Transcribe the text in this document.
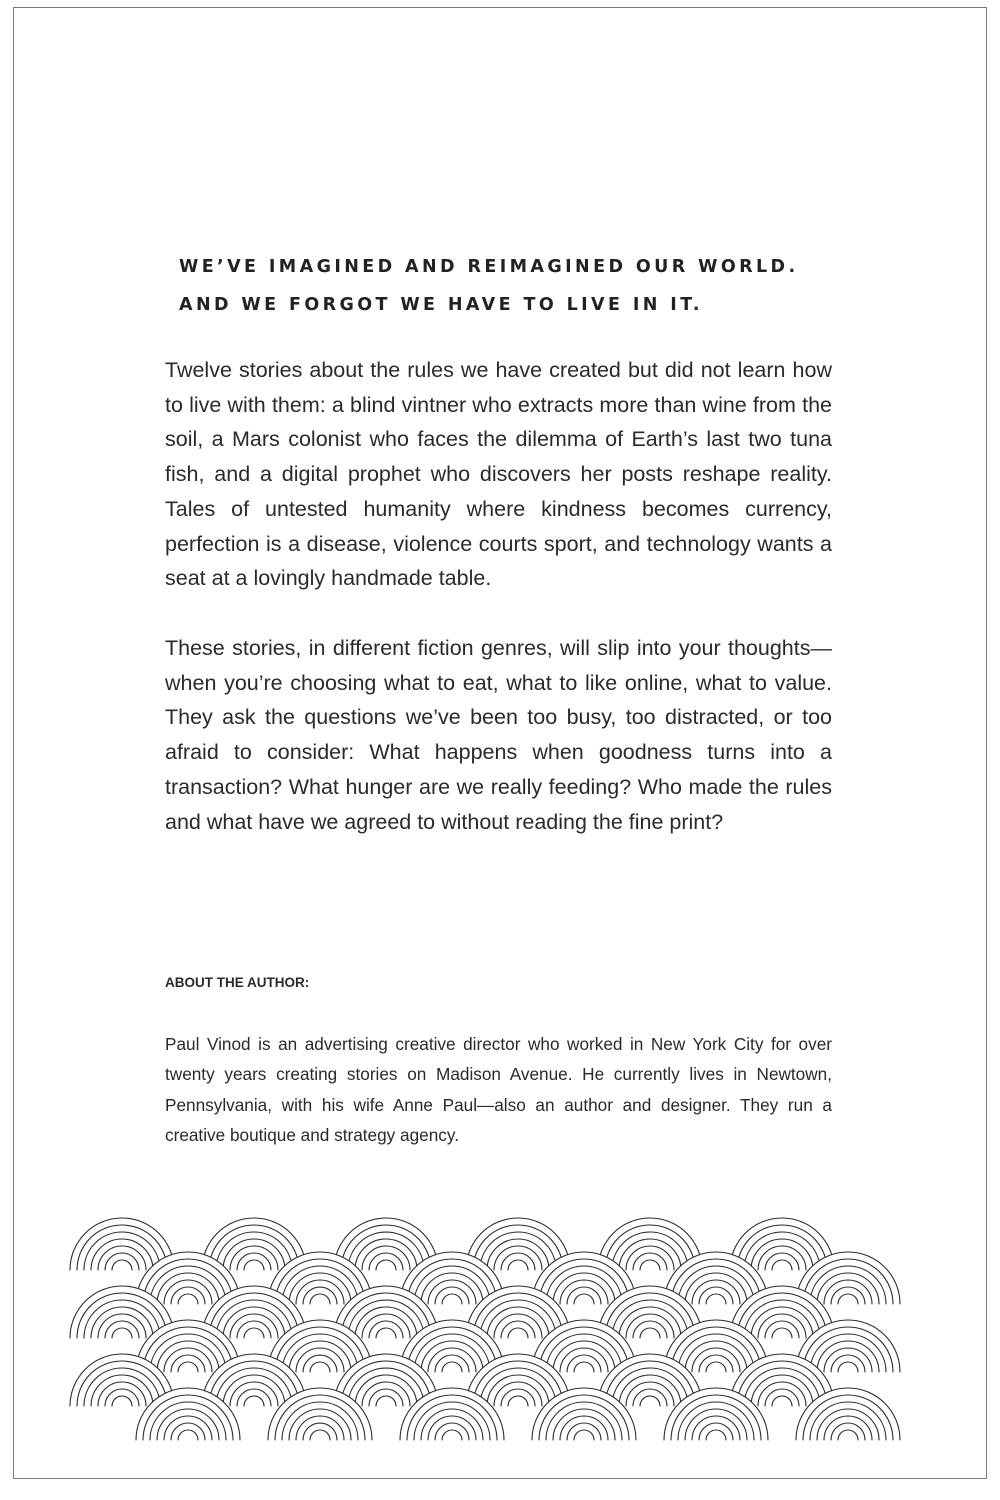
WE’VE IMAGINED AND REIMAGINED OUR WORLD.
AND WE FORGOT WE HAVE TO LIVE IN IT.

Twelve stories about the rules we have created but did not learn how to live with them: a blind vintner who extracts more than wine from the soil, a Mars colonist who faces the dilemma of Earth’s last two tuna fish, and a digital prophet who discovers her posts reshape reality. Tales of untested humanity where kindness becomes currency, perfection is a disease, violence courts sport, and technology wants a seat at a lovingly handmade table.

These stories, in different fiction genres, will slip into your thoughts— when you’re choosing what to eat, what to like online, what to value. They ask the questions we’ve been too busy, too distracted, or too afraid to consider: What happens when goodness turns into a transaction? What hunger are we really feeding? Who made the rules and what have we agreed to without reading the fine print?

ABOUT THE AUTHOR:

Paul Vinod is an advertising creative director who worked in New York City for over twenty years creating stories on Madison Avenue. He currently lives in Newtown, Pennsylvania, with his wife Anne Paul—also an author and designer. They run a creative boutique and strategy agency.
